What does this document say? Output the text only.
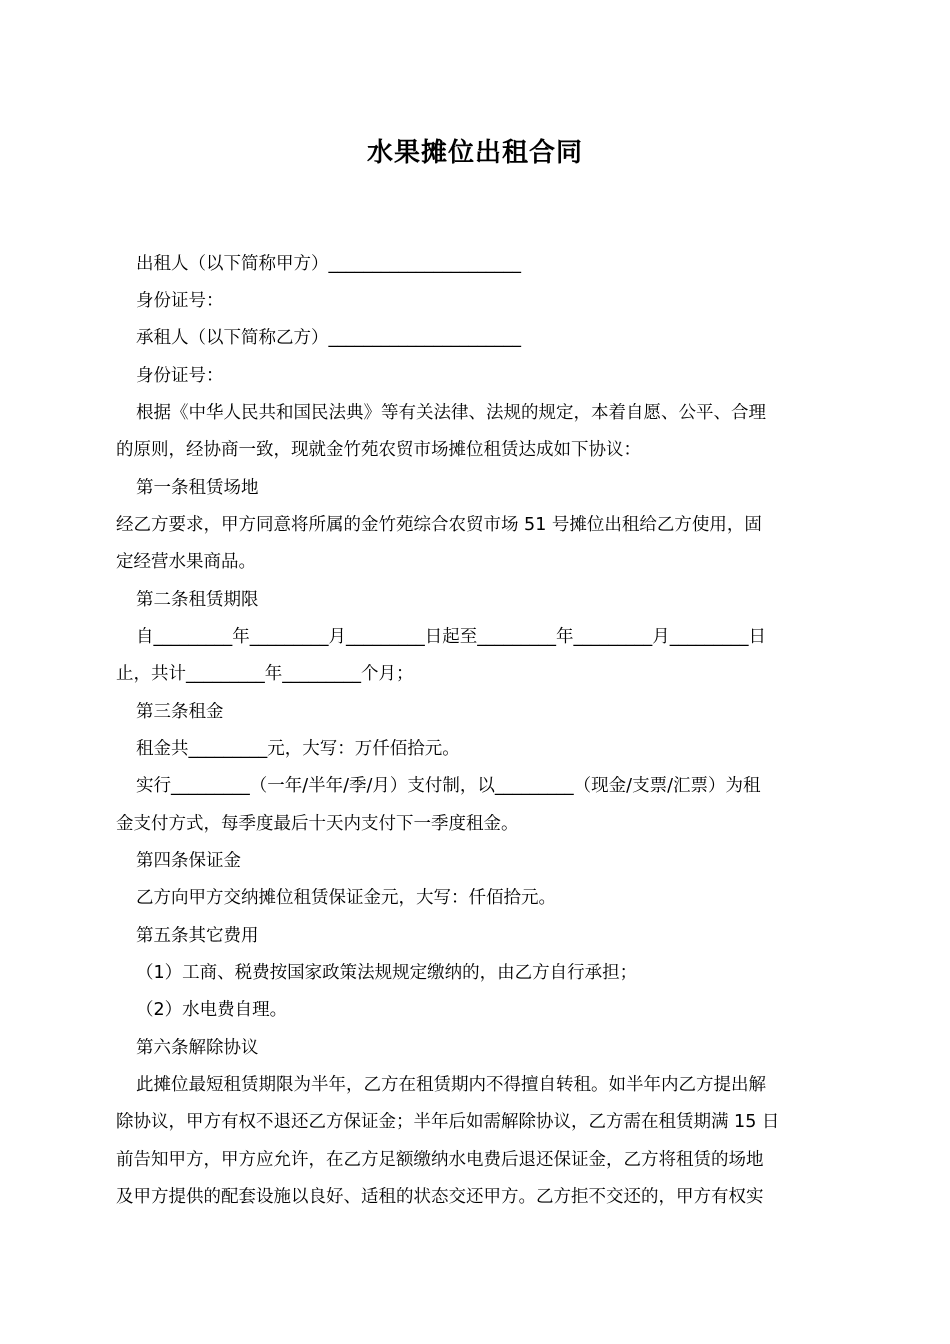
水果摊位出租合同
出租人（以下简称甲方）______________________
身份证号：
承租人（以下简称乙方）______________________
身份证号：
根据《中华人民共和国民法典》等有关法律、法规的规定，本着自愿、公平、合理
的原则，经协商一致，现就金竹苑农贸市场摊位租赁达成如下协议：
第一条租赁场地
经乙方要求，甲方同意将所属的金竹苑综合农贸市场 51 号摊位出租给乙方使用，固
定经营水果商品。
第二条租赁期限
自_________年_________月_________日起至_________年_________月_________日
止，共计_________年_________个月；
第三条租金
租金共_________元，大写：万仟佰拾元。
实行_________（一年/半年/季/月）支付制，以_________（现金/支票/汇票）为租
金支付方式，每季度最后十天内支付下一季度租金。
第四条保证金
乙方向甲方交纳摊位租赁保证金元，大写：仟佰拾元。
第五条其它费用
（1）工商、税费按国家政策法规规定缴纳的，由乙方自行承担；
（2）水电费自理。
第六条解除协议
此摊位最短租赁期限为半年，乙方在租赁期内不得擅自转租。如半年内乙方提出解
除协议，甲方有权不退还乙方保证金；半年后如需解除协议，乙方需在租赁期满 15 日
前告知甲方，甲方应允许，在乙方足额缴纳水电费后退还保证金，乙方将租赁的场地
及甲方提供的配套设施以良好、适租的状态交还甲方。乙方拒不交还的，甲方有权实
